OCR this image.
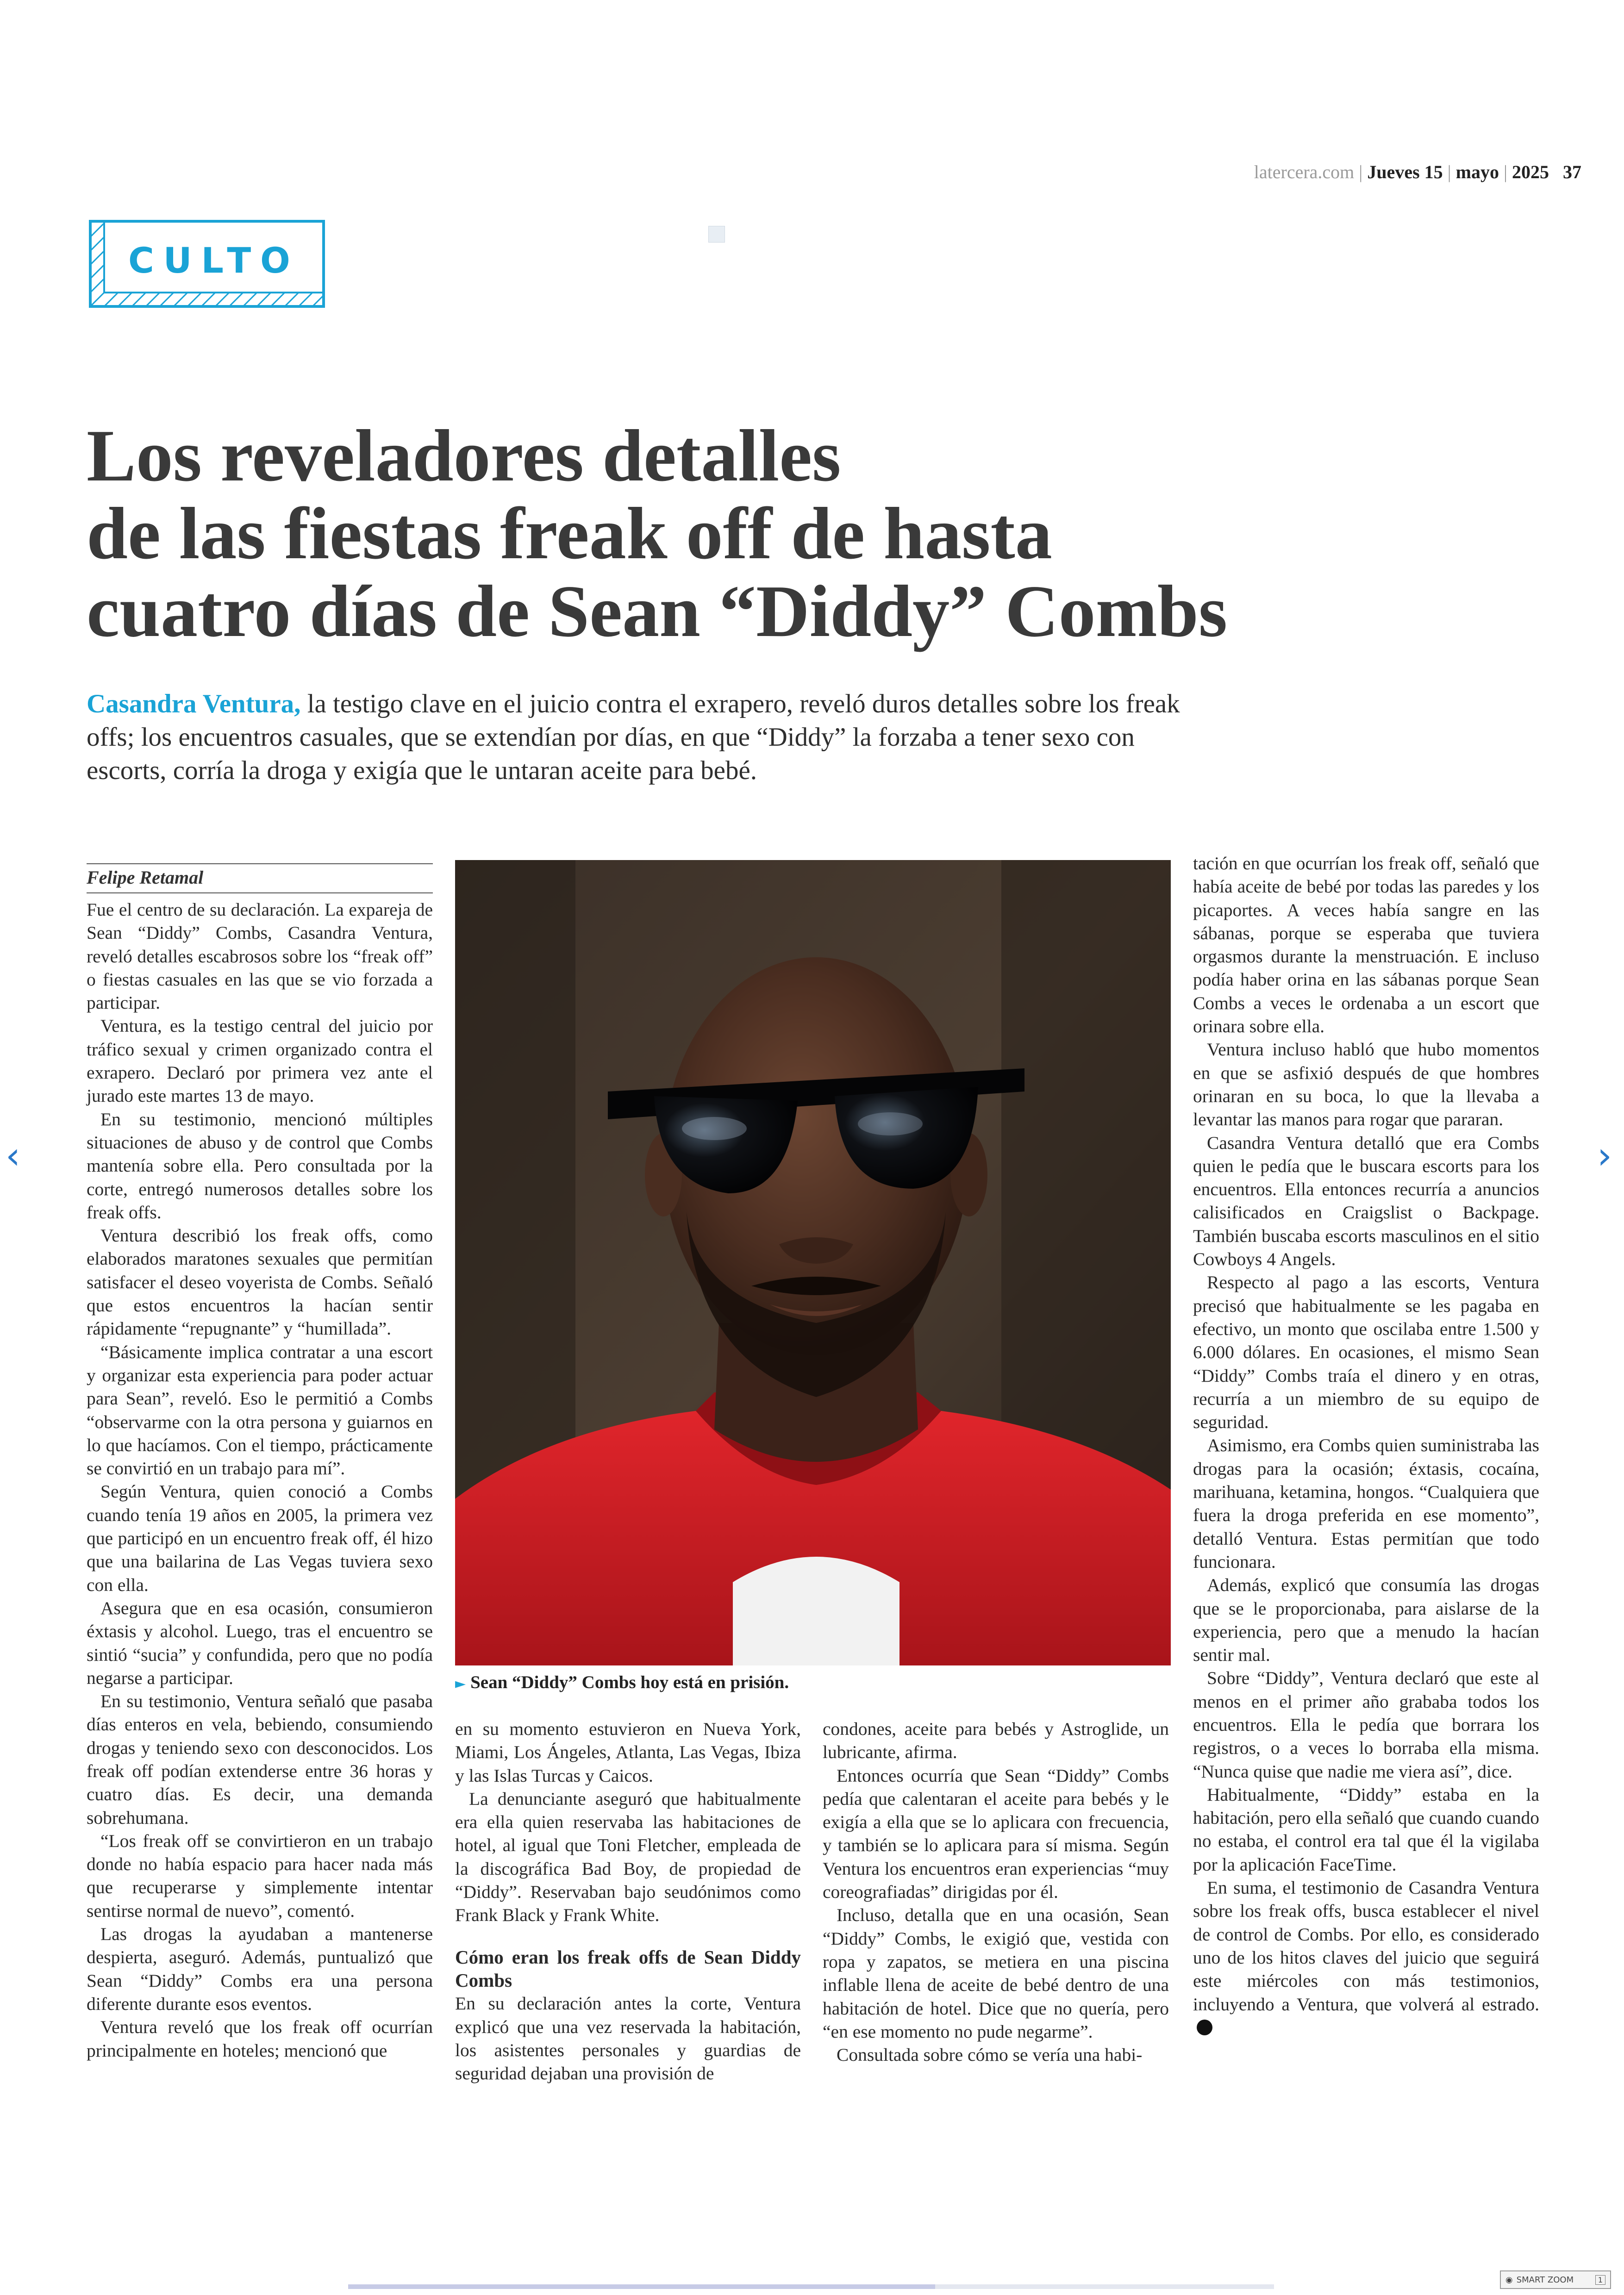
latercera.com | Jueves 15 | mayo | 2025 37
CULTO
Los reveladores detalles
de las fiestas freak off de hasta
cuatro días de Sean “Diddy” Combs
Casandra Ventura, la testigo clave en el juicio contra el exrapero, reveló duros detalles sobre los freak offs; los encuentros casuales, que se extendían por días, en que “Diddy” la forzaba a tener sexo con escorts, corría la droga y exigía que le untaran aceite para bebé.
Felipe Retamal

Fue el centro de su declaración. La expareja de Sean “Diddy” Combs, Casandra Ventura, reveló detalles escabrosos sobre los “freak off” o fiestas casuales en las que se vio forzada a participar.

Ventura, es la testigo central del juicio por tráfico sexual y crimen organizado contra el exrapero. Declaró por primera vez ante el jurado este martes 13 de mayo.

En su testimonio, mencionó múltiples situaciones de abuso y de control que Combs mantenía sobre ella. Pero consultada por la corte, entregó numerosos detalles sobre los freak offs.

Ventura describió los freak offs, como elaborados maratones sexuales que permitían satisfacer el deseo voyerista de Combs. Señaló que estos encuentros la hacían sentir rápidamente “repugnante” y “humillada”.

“Básicamente implica contratar a una escort y organizar esta experiencia para poder actuar para Sean”, reveló. Eso le permitió a Combs “observarme con la otra persona y guiarnos en lo que hacíamos. Con el tiempo, prácticamente se convirtió en un trabajo para mí”.

Según Ventura, quien conoció a Combs cuando tenía 19 años en 2005, la primera vez que participó en un encuentro freak off, él hizo que una bailarina de Las Vegas tuviera sexo con ella.

Asegura que en esa ocasión, consumieron éxtasis y alcohol. Luego, tras el encuentro se sintió “sucia” y confundida, pero que no podía negarse a participar.

En su testimonio, Ventura señaló que pasaba días enteros en vela, bebiendo, consumiendo drogas y teniendo sexo con desconocidos. Los freak off podían extenderse entre 36 horas y cuatro días. Es decir, una demanda sobrehumana.

“Los freak off se convirtieron en un trabajo donde no había espacio para hacer nada más que recuperarse y simplemente intentar sentirse normal de nuevo”, comentó.

Las drogas la ayudaban a mantenerse despierta, aseguró. Además, puntualizó que Sean “Diddy” Combs era una persona diferente durante esos eventos.

Ventura reveló que los freak off ocurrían principalmente en hoteles; mencionó que

► Sean “Diddy” Combs hoy está en prisión.

en su momento estuvieron en Nueva York, Miami, Los Ángeles, Atlanta, Las Vegas, Ibiza y las Islas Turcas y Caicos.

La denunciante aseguró que habitualmente era ella quien reservaba las habitaciones de hotel, al igual que Toni Fletcher, empleada de la discográfica Bad Boy, de propiedad de “Diddy”. Reservaban bajo seudónimos como Frank Black y Frank White.

Cómo eran los freak offs de Sean Diddy Combs

En su declaración antes la corte, Ventura explicó que una vez reservada la habitación, los asistentes personales y guardias de seguridad dejaban una provisión de

condones, aceite para bebés y Astroglide, un lubricante, afirma.

Entonces ocurría que Sean “Diddy” Combs pedía que calentaran el aceite para bebés y le exigía a ella que se lo aplicara con frecuencia, y también se lo aplicara para sí misma. Según Ventura los encuentros eran experiencias “muy coreografiadas” dirigidas por él.

Incluso, detalla que en una ocasión, Sean “Diddy” Combs, le exigió que, vestida con ropa y zapatos, se metiera en una piscina inflable llena de aceite de bebé dentro de una habitación de hotel. Dice que no quería, pero “en ese momento no pude negarme”.

Consultada sobre cómo se vería una habi-

tación en que ocurrían los freak off, señaló que había aceite de bebé por todas las paredes y los picaportes. A veces había sangre en las sábanas, porque se esperaba que tuviera orgasmos durante la menstruación. E incluso podía haber orina en las sábanas porque Sean Combs a veces le ordenaba a un escort que orinara sobre ella.

Ventura incluso habló que hubo momentos en que se asfixió después de que hombres orinaran en su boca, lo que la llevaba a levantar las manos para rogar que pararan.

Casandra Ventura detalló que era Combs quien le pedía que le buscara escorts para los encuentros. Ella entonces recurría a anuncios calisificados en Craigslist o Backpage. También buscaba escorts masculinos en el sitio Cowboys 4 Angels.

Respecto al pago a las escorts, Ventura precisó que habitualmente se les pagaba en efectivo, un monto que oscilaba entre 1.500 y 6.000 dólares. En ocasiones, el mismo Sean “Diddy” Combs traía el dinero y en otras, recurría a un miembro de su equipo de seguridad.

Asimismo, era Combs quien suministraba las drogas para la ocasión; éxtasis, cocaína, marihuana, ketamina, hongos. “Cualquiera que fuera la droga preferida en ese momento”, detalló Ventura. Estas permitían que todo funcionara.

Además, explicó que consumía las drogas que se le proporcionaba, para aislarse de la experiencia, pero que a menudo la hacían sentir mal.

Sobre “Diddy”, Ventura declaró que este al menos en el primer año grababa todos los encuentros. Ella le pedía que borrara los registros, o a veces lo borraba ella misma. “Nunca quise que nadie me viera así”, dice.

Habitualmente, “Diddy” estaba en la habitación, pero ella señaló que cuando cuando no estaba, el control era tal que él la vigilaba por la aplicación FaceTime.

En suma, el testimonio de Casandra Ventura sobre los freak offs, busca establecer el nivel de control de Combs. Por ello, es considerado uno de los hitos claves del juicio que seguirá este miércoles con más testimonios, incluyendo a Ventura, que volverá al estrado.

‹	›
◉ SMART ZOOM	1
